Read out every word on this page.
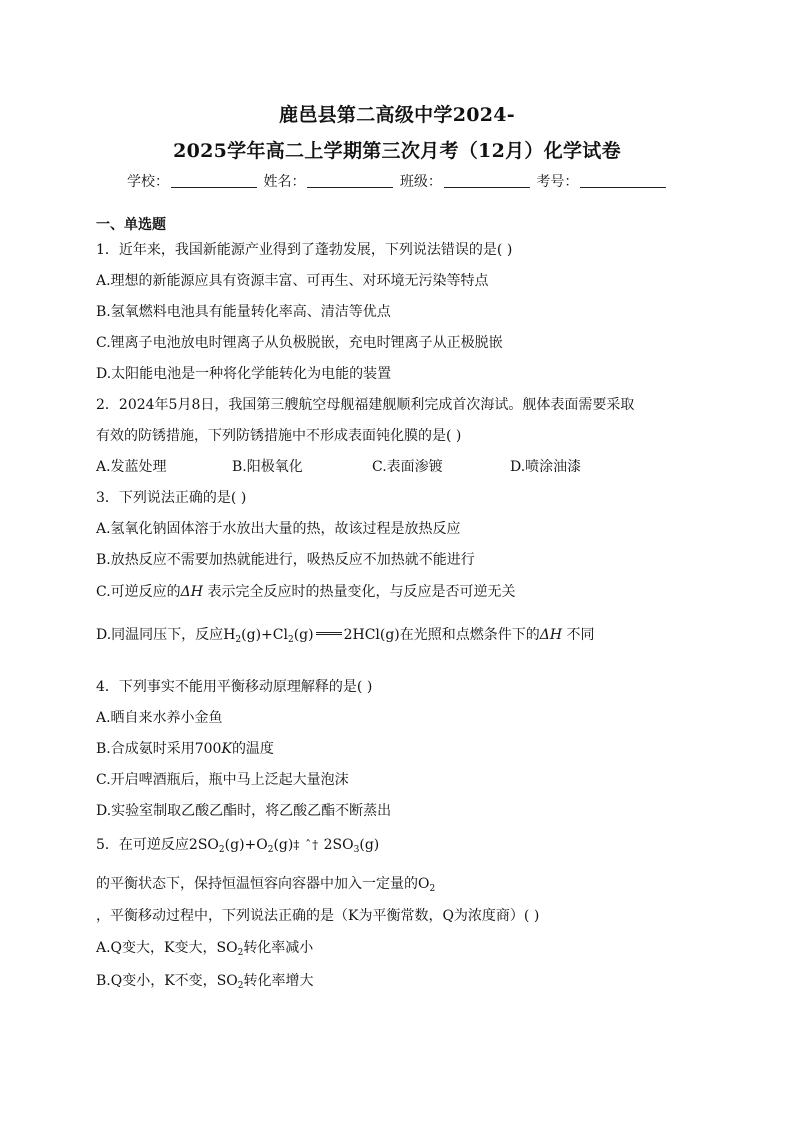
鹿邑县第二高级中学2024-
2025学年高二上学期第三次月考（12月）化学试卷
学校：	姓名：	班级：	考号：
一、单选题
1．近年来，我国新能源产业得到了蓬勃发展，下列说法错误的是( )
A.理想的新能源应具有资源丰富、可再生、对环境无污染等特点
B.氢氧燃料电池具有能量转化率高、清洁等优点
C.锂离子电池放电时锂离子从负极脱嵌，充电时锂离子从正极脱嵌
D.太阳能电池是一种将化学能转化为电能的装置
2．2024年5月8日，我国第三艘航空母舰福建舰顺利完成首次海试。舰体表面需要采取
有效的防锈措施，下列防锈措施中不形成表面钝化膜的是( )
A.发蓝处理	B.阳极氧化	C.表面渗镀	D.喷涂油漆
3．下列说法正确的是( )
A.氢氧化钠固体溶于水放出大量的热，故该过程是放热反应
B.放热反应不需要加热就能进行，吸热反应不加热就不能进行
C.可逆反应的ΔH 表示完全反应时的热量变化，与反应是否可逆无关
D.同温同压下，反应$H_2(g)+Cl_2(g)$ 2HCl(g)在光照和点燃条件下的ΔH 不同
4．下列事实不能用平衡移动原理解释的是( )
A.晒自来水养小金鱼
B.合成氨时采用700K的温度
C.开启啤酒瓶后，瓶中马上泛起大量泡沫
D.实验室制取乙酸乙酯时，将乙酸乙酯不断蒸出
5．在可逆反应$2SO_2(g)+O_2(g)\ddagger$ ˆ† $2SO_3(g)$
的平衡状态下，保持恒温恒容向容器中加入一定量的$O_2$
，平衡移动过程中，下列说法正确的是（K为平衡常数，Q为浓度商）( )
A.Q变大，K变大，$SO_2$转化率减小
B.Q变小，K不变，$SO_2$转化率增大
